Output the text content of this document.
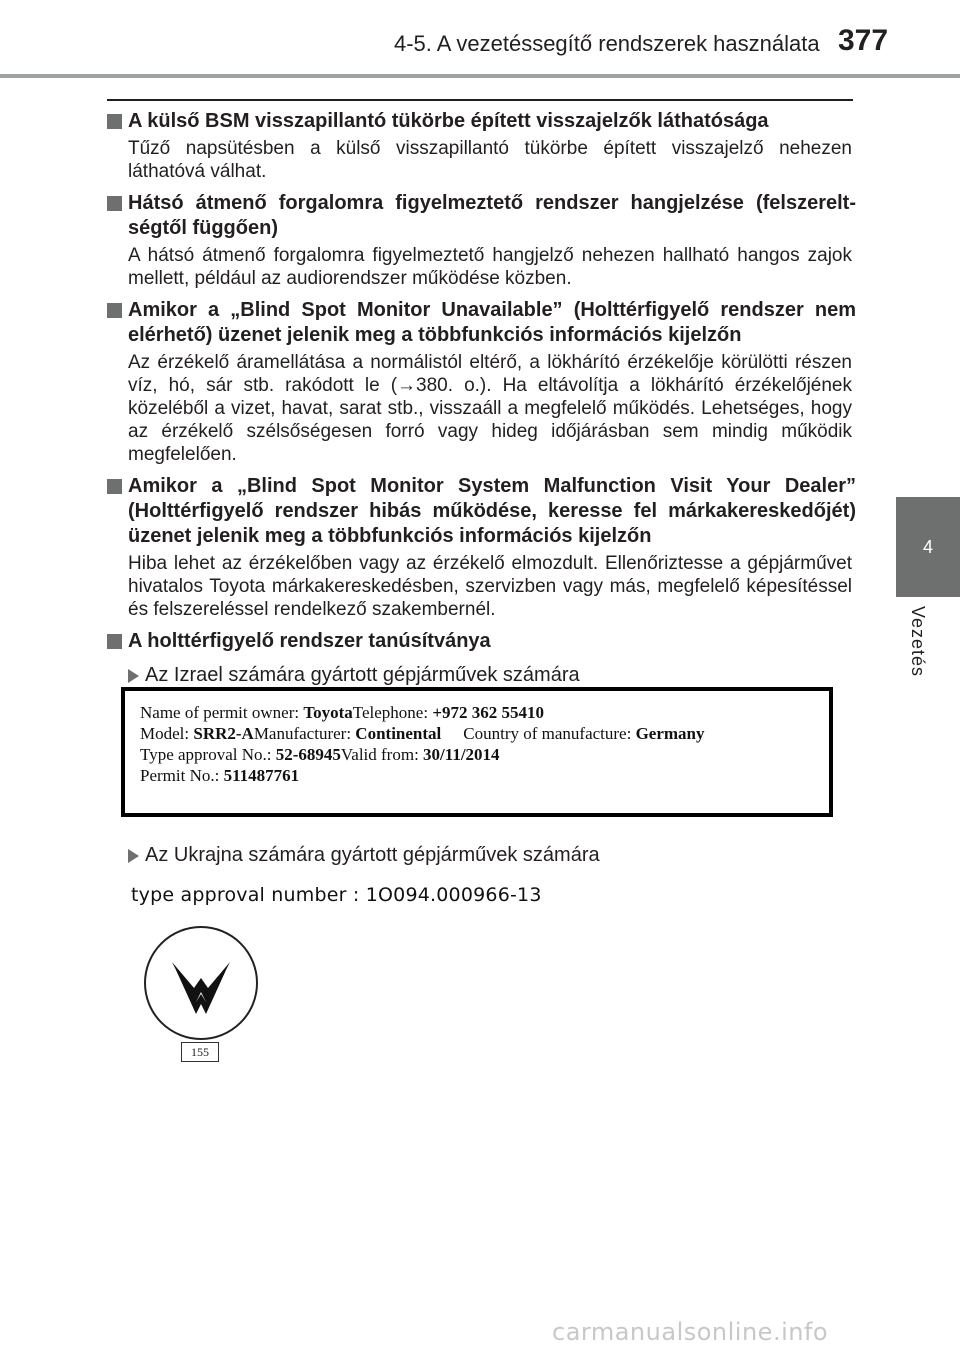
4-5. A vezetéssegítő rendszerek használata 377
4
Vezetés
A külső BSM visszapillantó tükörbe épített visszajelzők láthatósága
Tűző napsütésben a külső visszapillantó tükörbe épített visszajelző nehezen láthatóvá válhat.
Hátsó átmenő forgalomra figyelmeztető rendszer hangjelzése (felszereltségtől függően)
A hátsó átmenő forgalomra figyelmeztető hangjelző nehezen hallható hangos zajok mellett, például az audiorendszer működése közben.
Amikor a „Blind Spot Monitor Unavailable” (Holttérfigyelő rendszer nem elérhető) üzenet jelenik meg a többfunkciós információs kijelzőn
Az érzékelő áramellátása a normálistól eltérő, a lökhárító érzékelője körülötti részen víz, hó, sár stb. rakódott le (→380. o.). Ha eltávolítja a lökhárító érzékelőjének közeléből a vizet, havat, sarat stb., visszaáll a megfelelő működés. Lehetséges, hogy az érzékelő szélsőségesen forró vagy hideg időjárásban sem mindig működik megfelelően.
Amikor a „Blind Spot Monitor System Malfunction Visit Your Dealer” (Holttérfigyelő rendszer hibás működése, keresse fel márkakereskedőjét) üzenet jelenik meg a többfunkciós információs kijelzőn
Hiba lehet az érzékelőben vagy az érzékelő elmozdult. Ellenőriztesse a gépjárművet hivatalos Toyota márkakereskedésben, szervizben vagy más, megfelelő képesítéssel és felszereléssel rendelkező szakembernél.
A holttérfigyelő rendszer tanúsítványa
Az Izrael számára gyártott gépjárművek számára
Name of permit owner: ToyotaTelephone: +972 362 55410
Model: SRR2-AManufacturer: Continental Country of manufacture: Germany
Type approval No.: 52-68945Valid from: 30/11/2014
Permit No.: 511487761
Az Ukrajna számára gyártott gépjárművek számára
type approval number : 1O094.000966-13
155
carmanualsonline.info
